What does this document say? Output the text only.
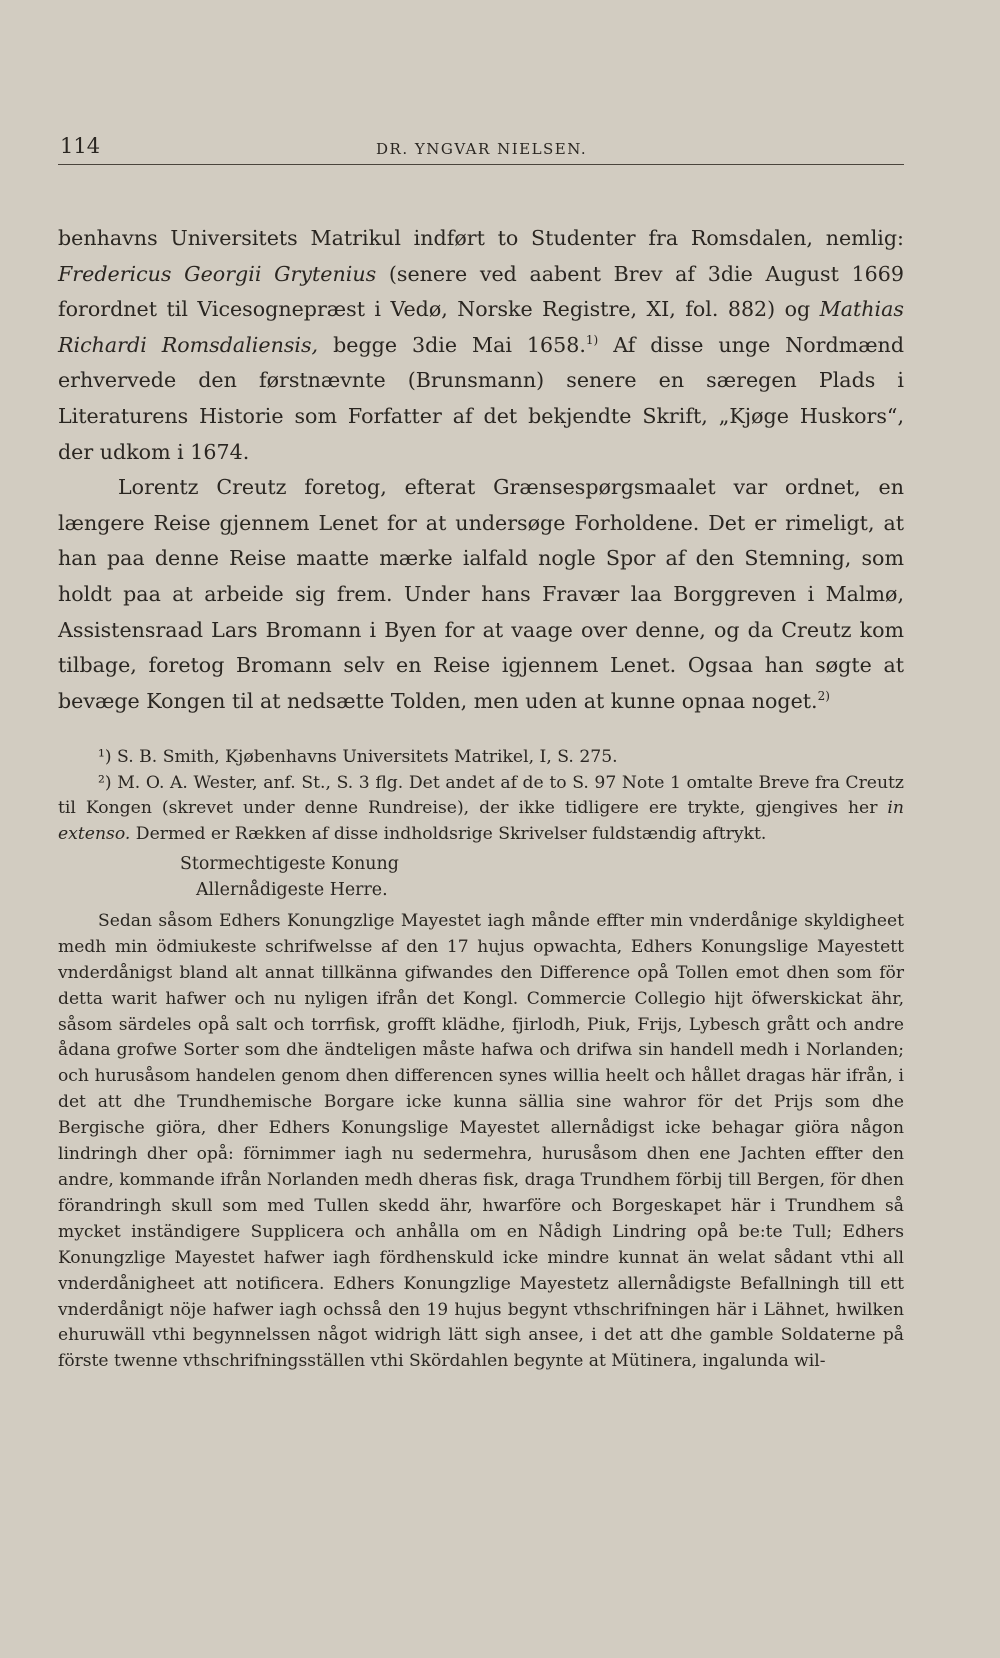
114	DR. YNGVAR NIELSEN.

benhavns Universitets Matrikul indført to Studenter fra Romsdalen, nemlig: Fredericus Georgii Grytenius (senere ved aabent Brev af 3die August 1669 forordnet til Vicesognepræst i Vedø, Norske Registre, XI, fol. 882) og Mathias Richardi Romsdaliensis, begge 3die Mai 1658.$^{1)}$ Af disse unge Nordmænd erhvervede den førstnævnte (Brunsmann) senere en særegen Plads i Literaturens Historie som Forfatter af det bekjendte Skrift, „Kjøge Huskors“, der udkom i 1674.

Lorentz Creutz foretog, efterat Grænsespørgsmaalet var ordnet, en længere Reise gjennem Lenet for at undersøge Forholdene. Det er rimeligt, at han paa denne Reise maatte mærke ialfald nogle Spor af den Stemning, som holdt paa at arbeide sig frem. Under hans Fravær laa Borggreven i Malmø, Assistensraad Lars Bromann i Byen for at vaage over denne, og da Creutz kom tilbage, foretog Bromann selv en Reise igjennem Lenet. Ogsaa han søgte at bevæge Kongen til at nedsætte Tolden, men uden at kunne opnaa noget.$^{2)}$

¹) S. B. Smith, Kjøbenhavns Universitets Matrikel, I, S. 275.

²) M. O. A. Wester, anf. St., S. 3 flg. Det andet af de to S. 97 Note 1 omtalte Breve fra Creutz til Kongen (skrevet under denne Rundreise), der ikke tidligere ere trykte, gjengives her in extenso. Dermed er Rækken af disse indholdsrige Skrivelser fuldstændig aftrykt.

Stormechtigeste Konung

Allernådigeste Herre.

Sedan såsom Edhers Konungzlige Mayestet iagh månde effter min vnderdånige skyldigheet medh min ödmiukeste schrifwelsse af den 17 hujus opwachta, Edhers Konungslige Mayestett vnderdånigst bland alt annat tillkänna gifwandes den Difference opå Tollen emot dhen som för detta warit hafwer och nu nyligen ifrån det Kongl. Commercie Collegio hijt öfwerskickat ähr, såsom särdeles opå salt och torrfisk, grofft klädhe, fjirlodh, Piuk, Frijs, Lybesch grått och andre ådana grofwe Sorter som dhe ändteligen måste hafwa och drifwa sin handell medh i Norlanden; och hurusåsom handelen genom dhen differencen synes willia heelt och hållet dragas här ifrån, i det att dhe Trundhemische Borgare icke kunna sällia sine wahror för det Prijs som dhe Bergische giöra, dher Edhers Konungslige Mayestet allernådigst icke behagar giöra någon lindringh dher opå: förnimmer iagh nu sedermehra, hurusåsom dhen ene Jachten effter den andre, kommande ifrån Norlanden medh dheras fisk, draga Trundhem förbij till Bergen, för dhen förandringh skull som med Tullen skedd ähr, hwarföre och Borgeskapet här i Trundhem så mycket inständigere Supplicera och anhålla om en Nådigh Lindring opå be:te Tull; Edhers Konungzlige Mayestet hafwer iagh fördhenskuld icke mindre kunnat än welat sådant vthi all vnderdånigheet att notificera. Edhers Konungzlige Mayestetz allernådigste Befallningh till ett vnderdånigt nöje hafwer iagh ochsså den 19 hujus begynt vthschrifningen här i Lähnet, hwilken ehuruwäll vthi begynnelssen något widrigh lätt sigh ansee, i det att dhe gamble Soldaterne på förste twenne vthschrifningsställen vthi Skördahlen begynte at Mütinera, ingalunda wil-
